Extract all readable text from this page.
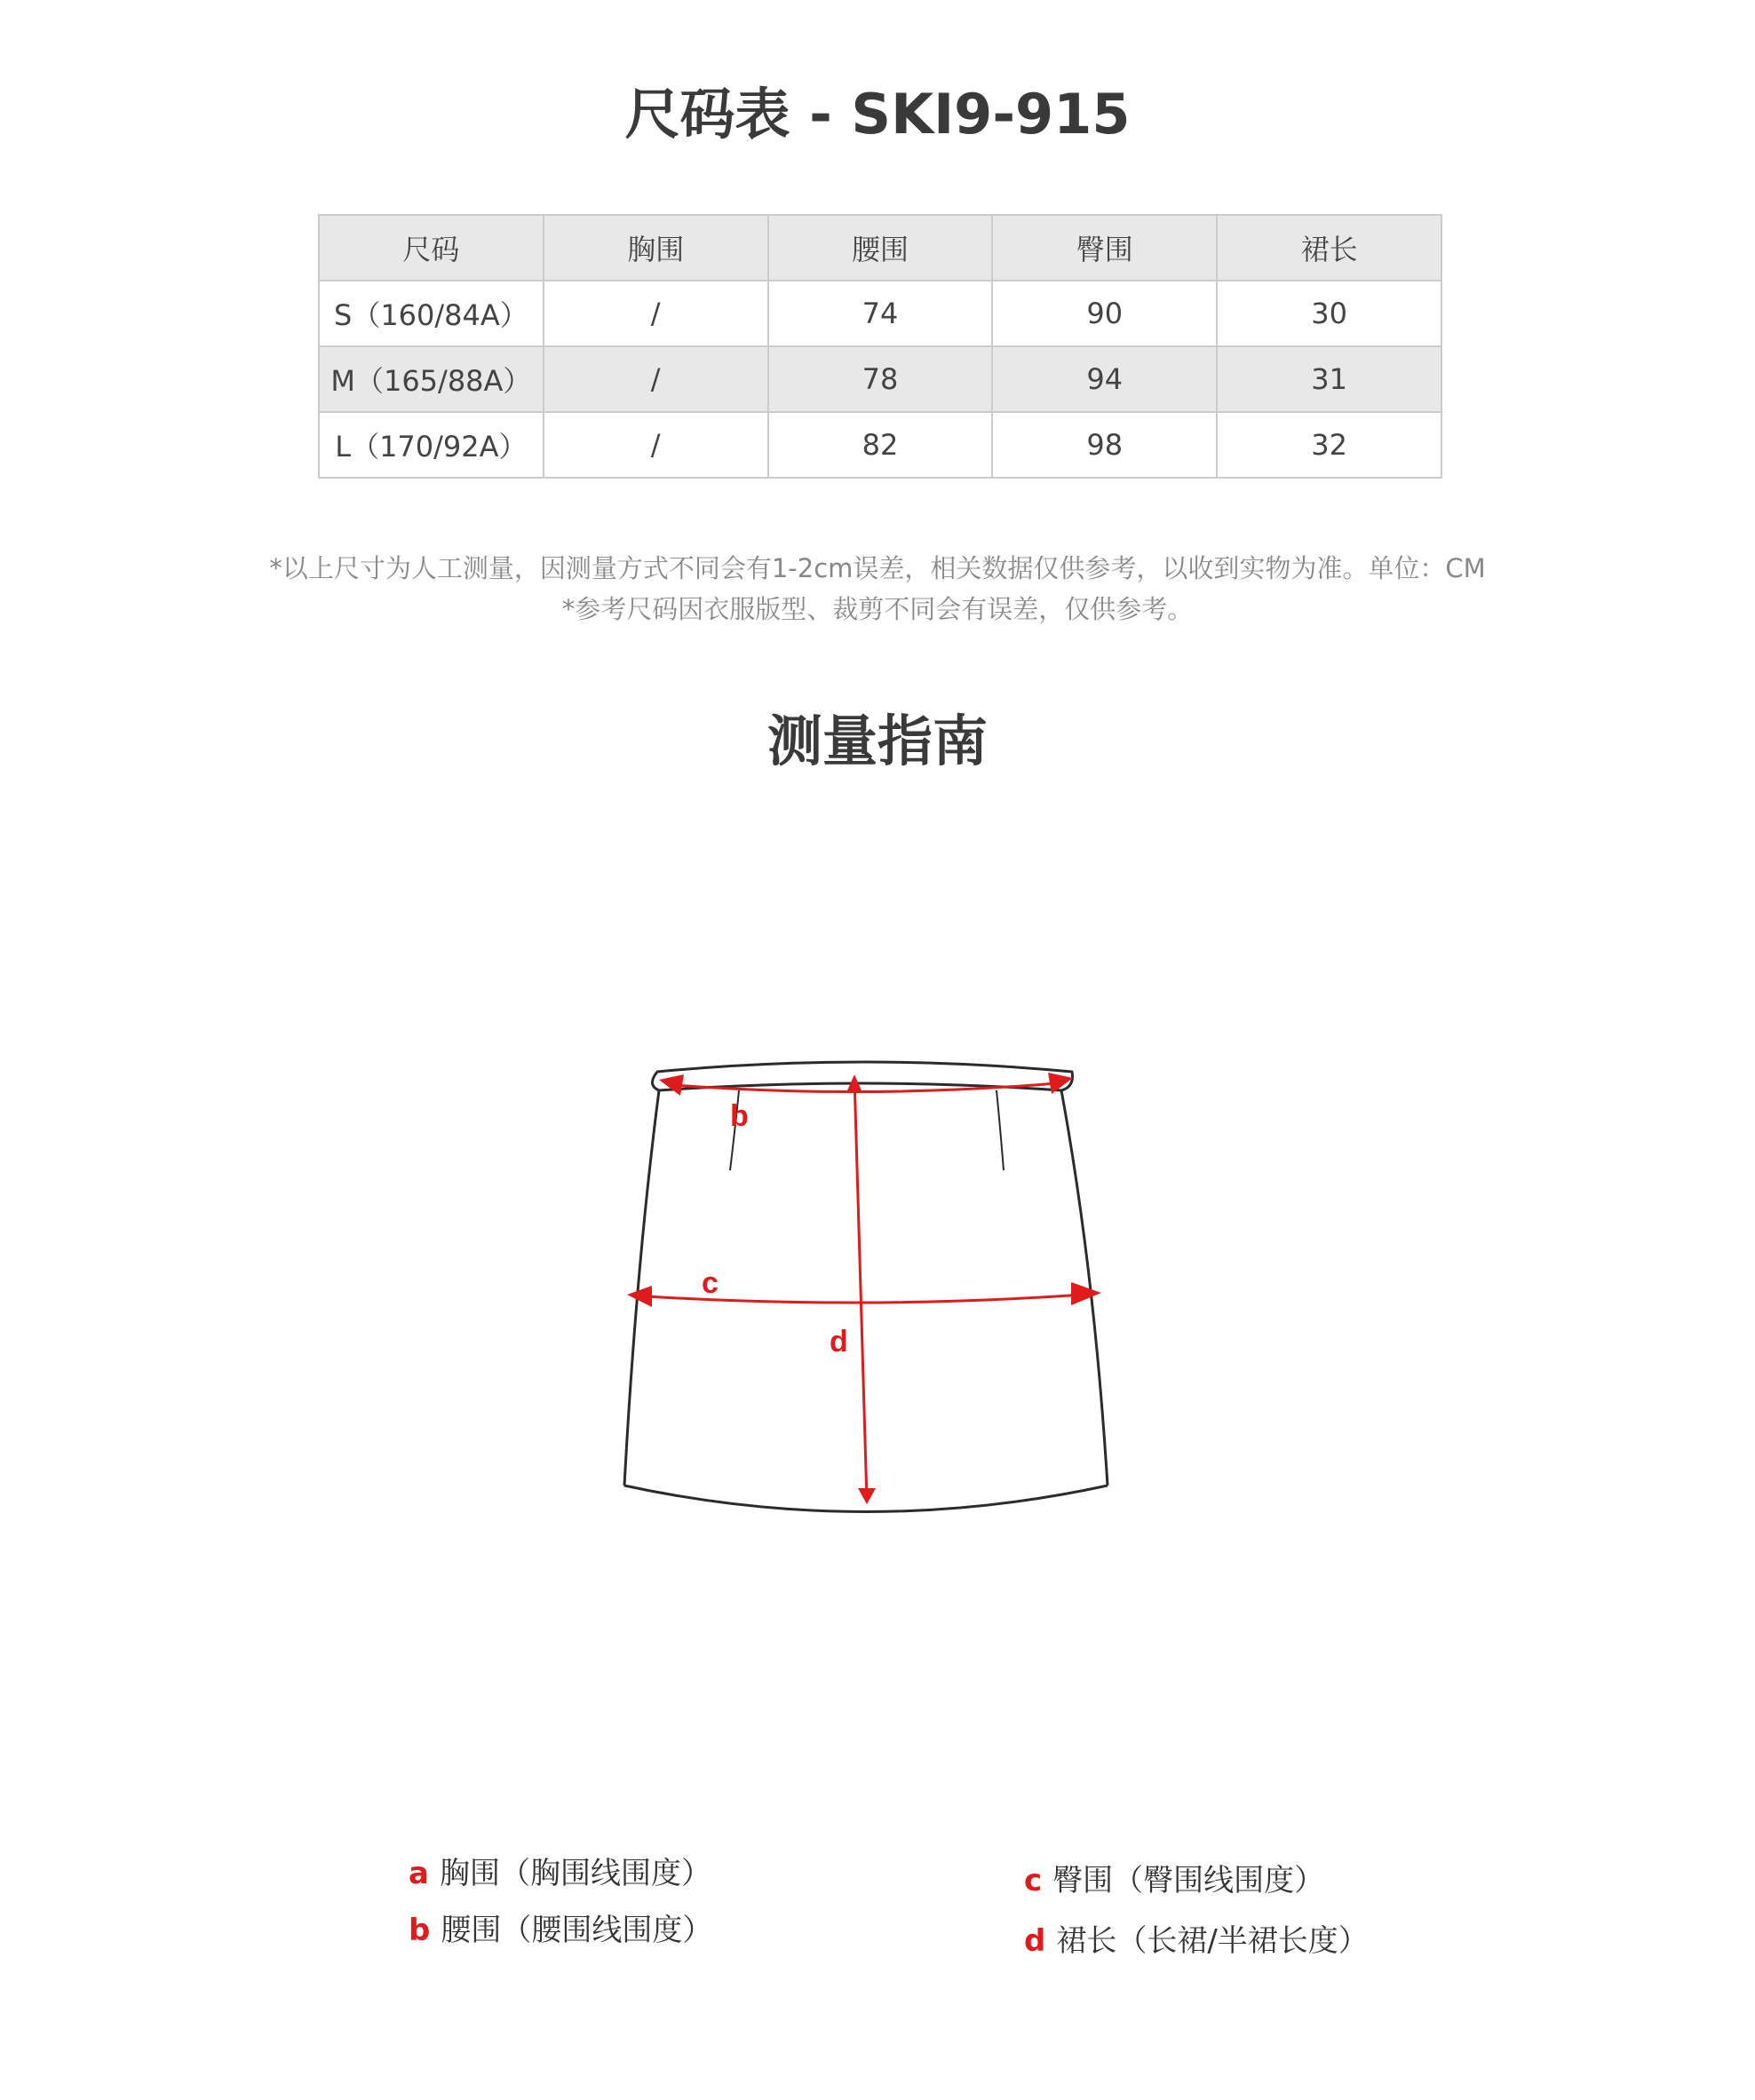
尺码表 - SKI9-915
尺码	胸围	腰围	臀围	裙长
S（160/84A）	/	74	90	30
M（165/88A）	/	78	94	31
L（170/92A）	/	82	98	32

*以上尺寸为人工测量，因测量方式不同会有1-2cm误差，相关数据仅供参考，以收到实物为准。单位：CM

*参考尺码因衣服版型、裁剪不同会有误差，仅供参考。

测量指南
b
c
d
a 胸围（胸围线围度）
b 腰围（腰围线围度）
c 臀围（臀围线围度）
d 裙长（长裙/半裙长度）
